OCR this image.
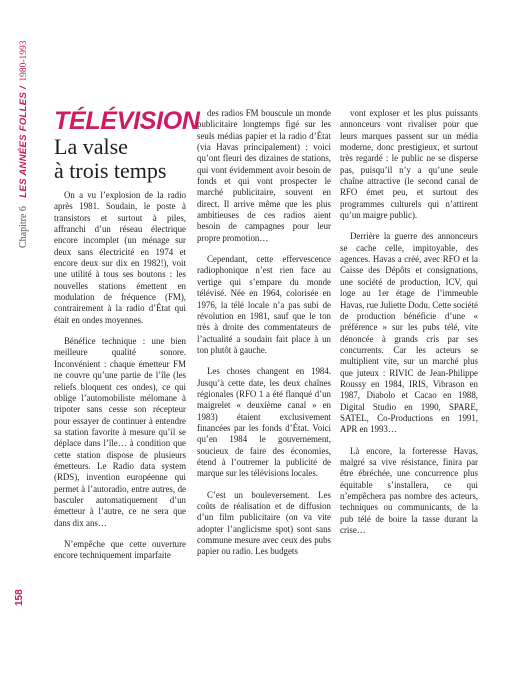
Chapitre 6 LES ANNÉES FOLLES / 1980-1993
158
TÉLÉVISION
La valse
à trois temps

On a vu l’explosion de la radio après 1981. Soudain, le poste à transistors et surtout à piles, affranchi d’un réseau électrique encore incomplet (un ménage sur deux sans électricité en 1974 et encore deux sur dix en 1982!), voit une utilité à tous ses boutons : les nouvelles stations émettent en modulation de fréquence (FM), contrairement à la radio d’État qui était en ondes moyennes.

Bénéfice technique : une bien meilleure qualité sonore. Inconvénient : chaque émetteur FM ne couvre qu’une partie de l’île (les reliefs bloquent ces ondes), ce qui oblige l’automobiliste mélomane à tripoter sans cesse son récepteur pour essayer de continuer à entendre sa station favorite à mesure qu’il se déplace dans l’île… à condition que cette station dispose de plusieurs émetteurs. Le Radio data system (RDS), invention européenne qui permet à l’autoradio, entre autres, de basculer automatiquement d’un émetteur à l’autre, ce ne sera que dans dix ans…

N’empêche que cette ouverture encore techniquement imparfaite

des radios FM bouscule un monde publicitaire longtemps figé sur les seuls médias papier et la radio d’État (via Havas principalement) : voici qu’ont fleuri des dizaines de stations, qui vont évidemment avoir besoin de fonds et qui vont prospecter le marché publicitaire, souvent en direct. Il arrive même que les plus ambitieuses de ces radios aient besoin de campagnes pour leur propre promotion…

Cependant, cette effervescence radiophonique n’est rien face au vertige qui s’empare du monde télévisé. Née en 1964, colorisée en 1976, la télé locale n’a pas subi de révolution en 1981, sauf que le ton très à droite des commentateurs de l’actualité a soudain fait place à un ton plutôt à gauche.

Les choses changent en 1984. Jusqu’à cette date, les deux chaînes régionales (RFO 1 a été flanqué d’un maigrelet « deuxième canal » en 1983) étaient exclusivement financées par les fonds d’État. Voici qu’en 1984 le gouvernement, soucieux de faire des économies, étend à l’outremer la publicité de marque sur les télévisions locales.

C’est un bouleversement. Les coûts de réalisation et de diffusion d’un film publicitaire (on va vite adopter l’anglicisme spot) sont sans commune mesure avec ceux des pubs papier ou radio. Les budgets

vont exploser et les plus puissants annonceurs vont rivaliser pour que leurs marques passent sur un média moderne, donc prestigieux, et surtout très regardé : le public ne se disperse pas, puisqu’il n’y a qu’une seule chaîne attractive (le second canal de RFO émet peu, et surtout des programmes culturels qui n’attirent qu’un maigre public).

Derrière la guerre des annonceurs se cache celle, impitoyable, des agences. Havas a créé, avec RFO et la Caisse des Dépôts et consignations, une société de production, ICV, qui loge au 1er étage de l’immeuble Havas, rue Juliette Dodu. Cette société de production bénéficie d’une « préférence » sur les pubs télé, vite dénoncée à grands cris par ses concurrents. Car les acteurs se multiplient vite, sur un marché plus que juteux : RIVIC de Jean-Philippe Roussy en 1984, IRIS, Vibrason en 1987, Diabolo et Cacao en 1988, Digital Studio en 1990, SPARE, SATEL, Co-Productions en 1991, APR en 1993…

Là encore, la forteresse Havas, malgré sa vive résistance, finira par être ébréchée, une concurrence plus équitable s’installera, ce qui n’empêchera pas nombre des acteurs, techniques ou communicants, de la pub télé de boire la tasse durant la crise…
